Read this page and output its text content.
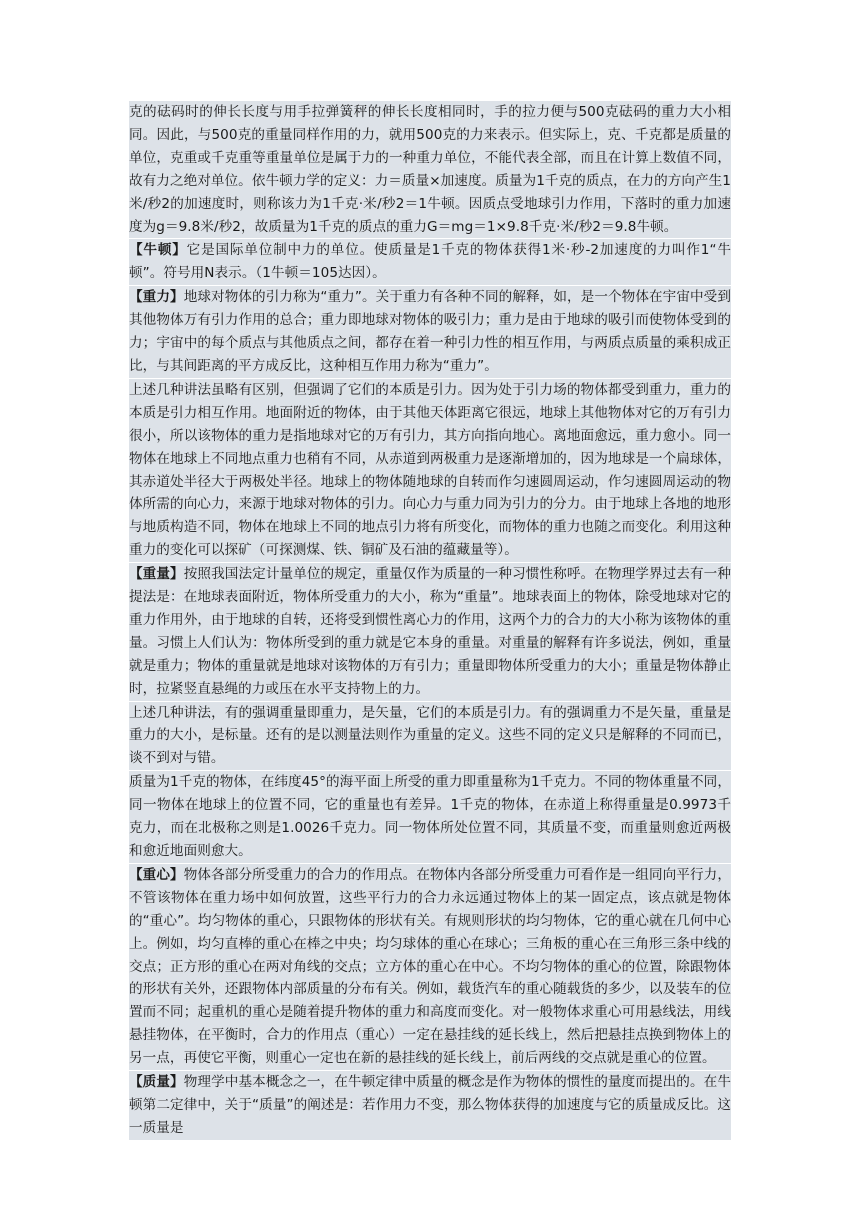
克的砝码时的伸长长度与用手拉弹簧秤的伸长长度相同时，手的拉力便与500克砝码的重力大小相同。因此，与500克的重量同样作用的力，就用500克的力来表示。但实际上，克、千克都是质量的单位，克重或千克重等重量单位是属于力的一种重力单位，不能代表全部，而且在计算上数值不同，故有力之绝对单位。依牛顿力学的定义：力＝质量×加速度。质量为1千克的质点，在力的方向产生1米/秒2的加速度时，则称该力为1千克·米/秒2＝1牛顿。因质点受地球引力作用，下落时的重力加速度为g＝9.8米/秒2，故质量为1千克的质点的重力G＝mg＝1×9.8千克·米/秒2＝9.8牛顿。

【牛顿】它是国际单位制中力的单位。使质量是1千克的物体获得1米·秒-2加速度的力叫作1“牛顿”。符号用N表示。（1牛顿＝105达因）。

【重力】地球对物体的引力称为“重力”。关于重力有各种不同的解释，如，是一个物体在宇宙中受到其他物体万有引力作用的总合；重力即地球对物体的吸引力；重力是由于地球的吸引而使物体受到的力；宇宙中的每个质点与其他质点之间，都存在着一种引力性的相互作用，与两质点质量的乘积成正比，与其间距离的平方成反比，这种相互作用力称为“重力”。

上述几种讲法虽略有区别，但强调了它们的本质是引力。因为处于引力场的物体都受到重力，重力的本质是引力相互作用。地面附近的物体，由于其他天体距离它很远，地球上其他物体对它的万有引力很小，所以该物体的重力是指地球对它的万有引力，其方向指向地心。离地面愈远，重力愈小。同一物体在地球上不同地点重力也稍有不同，从赤道到两极重力是逐渐增加的，因为地球是一个扁球体，其赤道处半径大于两极处半径。地球上的物体随地球的自转而作匀速圆周运动，作匀速圆周运动的物体所需的向心力，来源于地球对物体的引力。向心力与重力同为引力的分力。由于地球上各地的地形与地质构造不同，物体在地球上不同的地点引力将有所变化，而物体的重力也随之而变化。利用这种重力的变化可以探矿（可探测煤、铁、铜矿及石油的蕴藏量等）。

【重量】按照我国法定计量单位的规定，重量仅作为质量的一种习惯性称呼。在物理学界过去有一种提法是：在地球表面附近，物体所受重力的大小，称为“重量”。地球表面上的物体，除受地球对它的重力作用外，由于地球的自转，还将受到惯性离心力的作用，这两个力的合力的大小称为该物体的重量。习惯上人们认为：物体所受到的重力就是它本身的重量。对重量的解释有许多说法，例如，重量就是重力；物体的重量就是地球对该物体的万有引力；重量即物体所受重力的大小；重量是物体静止时，拉紧竖直悬绳的力或压在水平支持物上的力。

上述几种讲法，有的强调重量即重力，是矢量，它们的本质是引力。有的强调重力不是矢量，重量是重力的大小，是标量。还有的是以测量法则作为重量的定义。这些不同的定义只是解释的不同而已，谈不到对与错。

质量为1千克的物体，在纬度45°的海平面上所受的重力即重量称为1千克力。不同的物体重量不同，同一物体在地球上的位置不同，它的重量也有差异。1千克的物体，在赤道上称得重量是0.9973千克力，而在北极称之则是1.0026千克力。同一物体所处位置不同，其质量不变，而重量则愈近两极和愈近地面则愈大。

【重心】物体各部分所受重力的合力的作用点。在物体内各部分所受重力可看作是一组同向平行力，不管该物体在重力场中如何放置，这些平行力的合力永远通过物体上的某一固定点，该点就是物体的“重心”。均匀物体的重心，只跟物体的形状有关。有规则形状的均匀物体，它的重心就在几何中心上。例如，均匀直棒的重心在棒之中央；均匀球体的重心在球心；三角板的重心在三角形三条中线的交点；正方形的重心在两对角线的交点；立方体的重心在中心。不均匀物体的重心的位置，除跟物体的形状有关外，还跟物体内部质量的分布有关。例如，载货汽车的重心随载货的多少，以及装车的位置而不同；起重机的重心是随着提升物体的重力和高度而变化。对一般物体求重心可用悬线法，用线悬挂物体，在平衡时，合力的作用点（重心）一定在悬挂线的延长线上，然后把悬挂点换到物体上的另一点，再使它平衡，则重心一定也在新的悬挂线的延长线上，前后两线的交点就是重心的位置。

【质量】物理学中基本概念之一，在牛顿定律中质量的概念是作为物体的惯性的量度而提出的。在牛顿第二定律中，关于“质量”的阐述是：若作用力不变，那么物体获得的加速度与它的质量成反比。这一质量是
